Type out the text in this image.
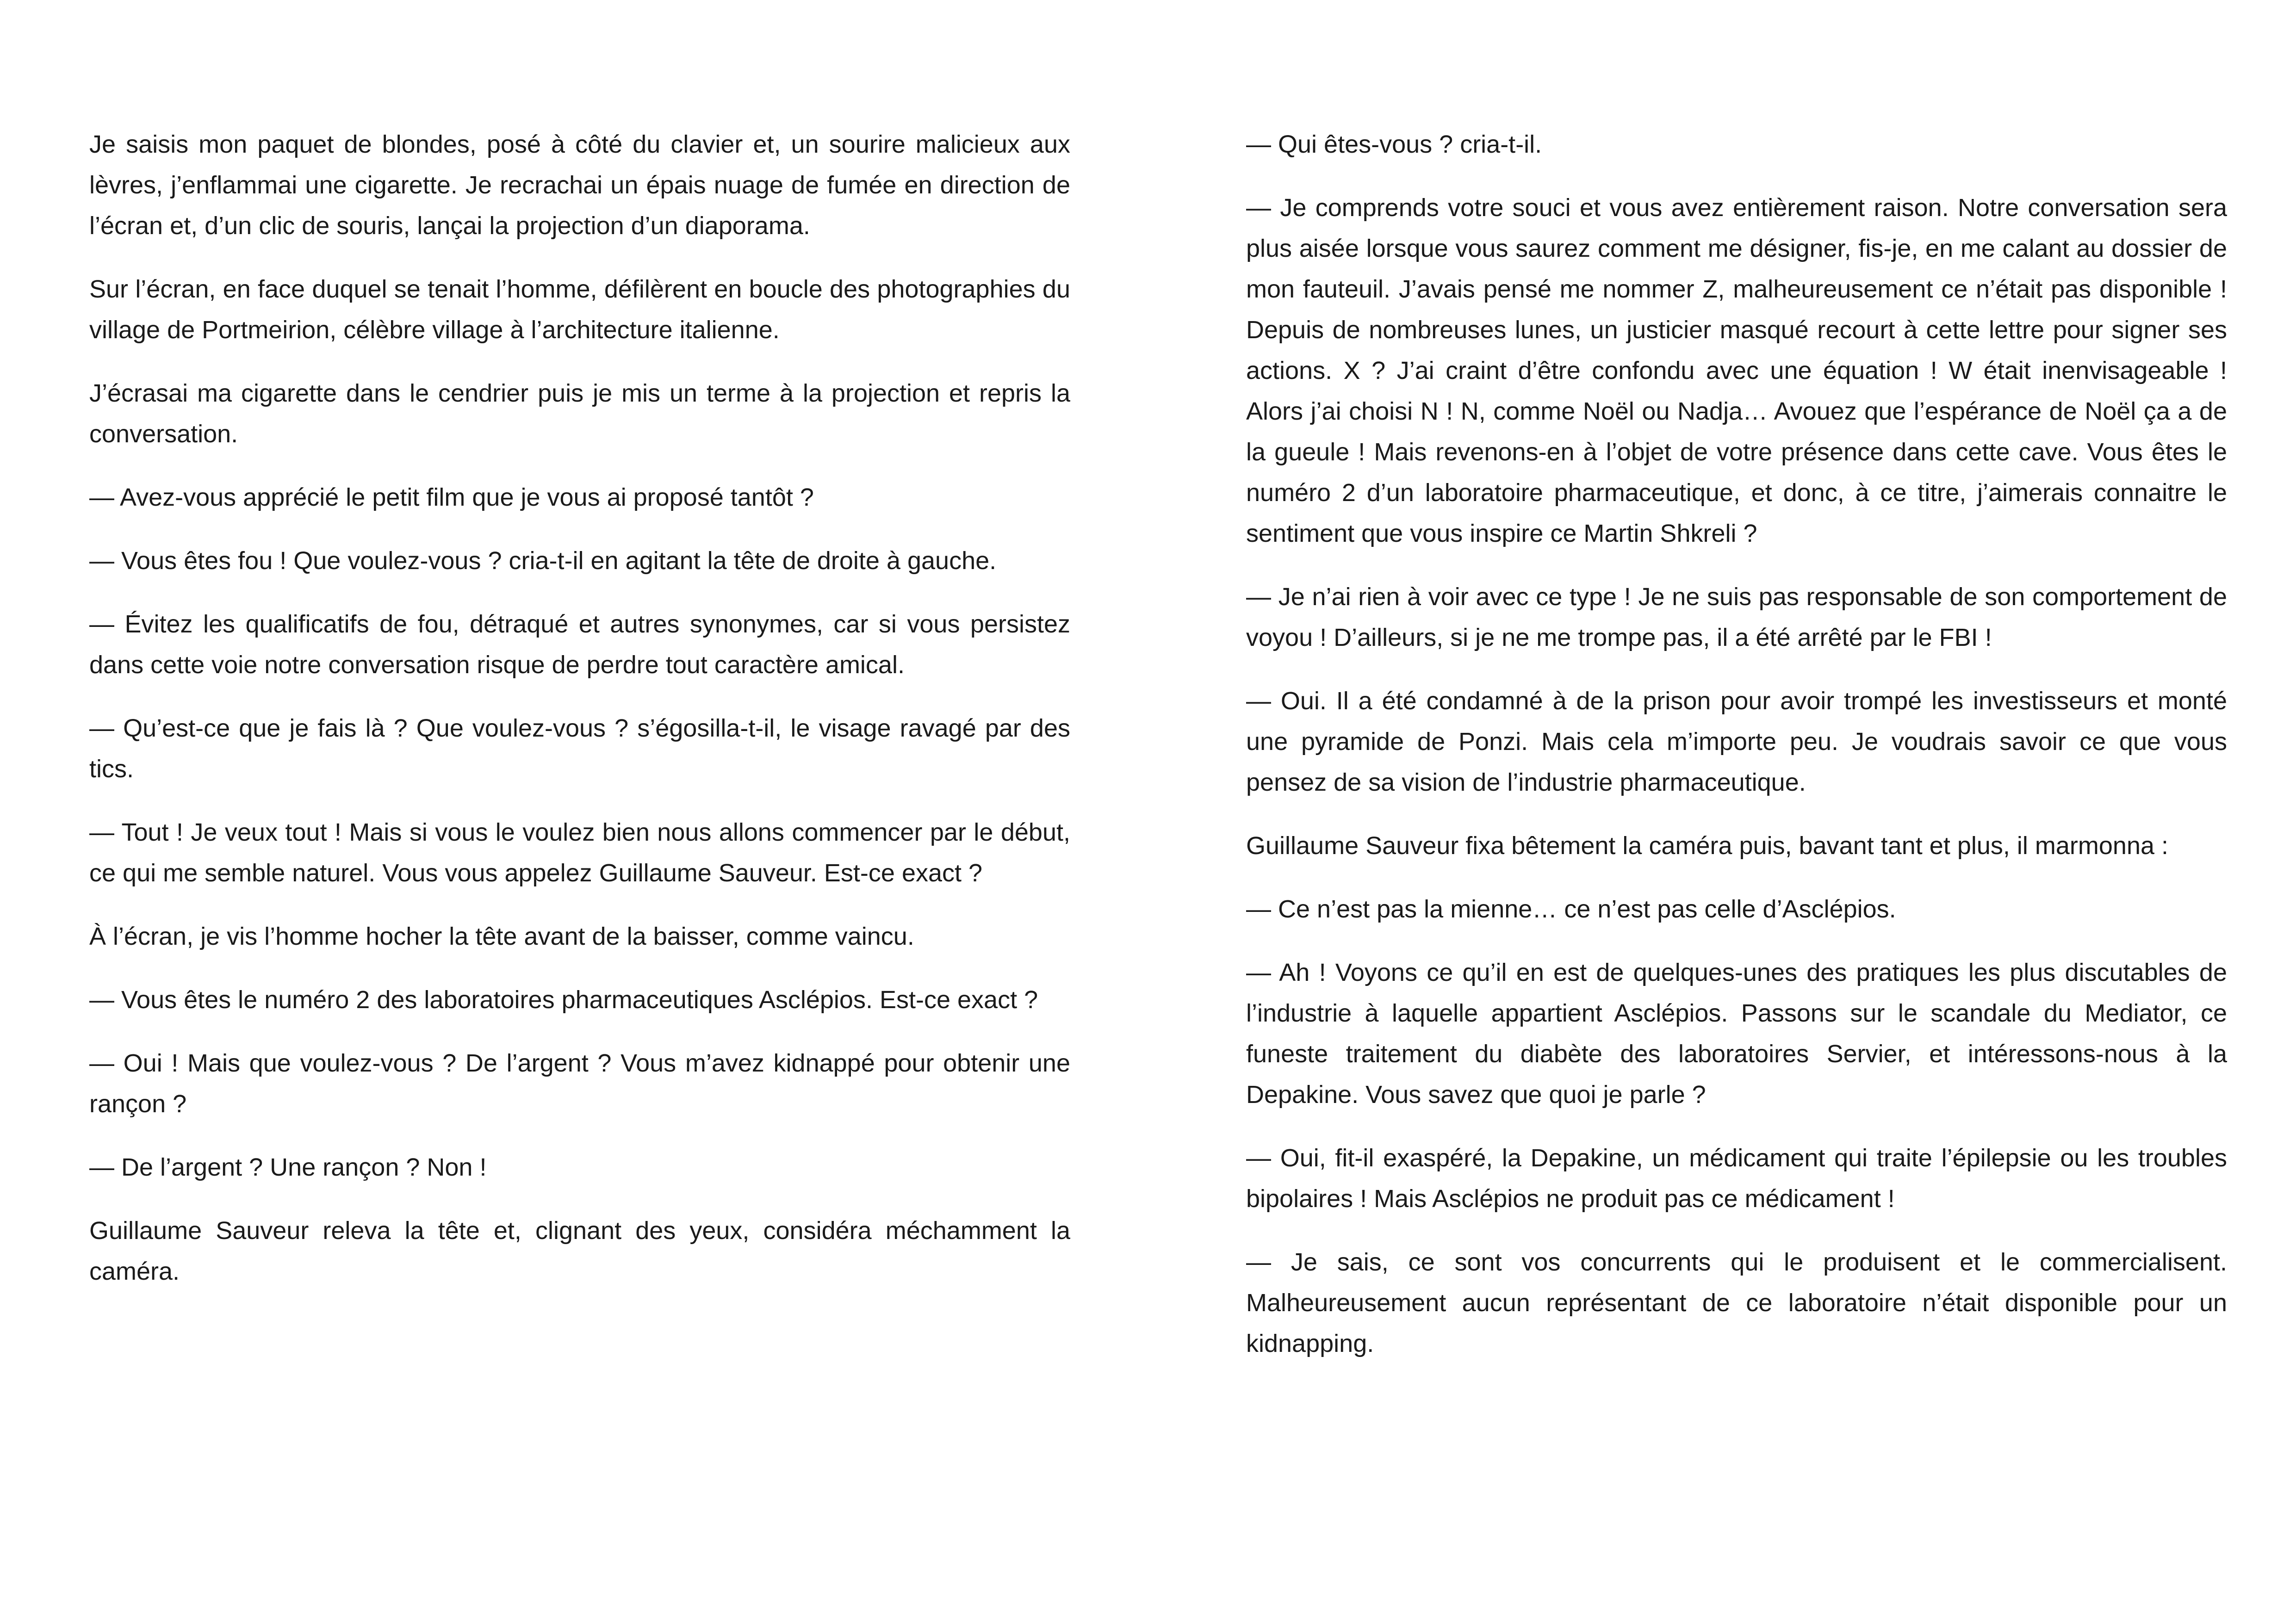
Je saisis mon paquet de blondes, posé à côté du clavier et, un sourire malicieux aux lèvres, j’enflammai une cigarette. Je recrachai un épais nuage de fumée en direction de l’écran et, d’un clic de souris, lançai la projection d’un diaporama.

Sur l’écran, en face duquel se tenait l’homme, défilèrent en boucle des photographies du village de Portmeirion, célèbre village à l’architecture italienne.

J’écrasai ma cigarette dans le cendrier puis je mis un terme à la projection et repris la conversation.

— Avez-vous apprécié le petit film que je vous ai proposé tantôt ?

— Vous êtes fou ! Que voulez-vous ? cria-t-il en agitant la tête de droite à gauche.

— Évitez les qualificatifs de fou, détraqué et autres synonymes, car si vous persistez dans cette voie notre conversation risque de perdre tout caractère amical.

— Qu’est-ce que je fais là ? Que voulez-vous ? s’égosilla-t-il, le visage ravagé par des tics.

— Tout ! Je veux tout ! Mais si vous le voulez bien nous allons commencer par le début, ce qui me semble naturel. Vous vous appelez Guillaume Sauveur. Est-ce exact ?

À l’écran, je vis l’homme hocher la tête avant de la baisser, comme vaincu.

— Vous êtes le numéro 2 des laboratoires pharmaceutiques Asclépios. Est-ce exact ?

— Oui ! Mais que voulez-vous ? De l’argent ? Vous m’avez kidnappé pour obtenir une rançon ?

— De l’argent ? Une rançon ? Non !

Guillaume Sauveur releva la tête et, clignant des yeux, considéra méchamment la caméra.

— Qui êtes-vous ? cria-t-il.

— Je comprends votre souci et vous avez entièrement raison. Notre conversation sera plus aisée lorsque vous saurez comment me désigner, fis-je, en me calant au dossier de mon fauteuil. J’avais pensé me nommer Z, malheureusement ce n’était pas disponible ! Depuis de nombreuses lunes, un justicier masqué recourt à cette lettre pour signer ses actions. X ? J’ai craint d’être confondu avec une équation ! W était inenvisageable ! Alors j’ai choisi N ! N, comme Noël ou Nadja… Avouez que l’espérance de Noël ça a de la gueule ! Mais revenons-en à l’objet de votre présence dans cette cave. Vous êtes le numéro 2 d’un laboratoire pharmaceutique, et donc, à ce titre, j’aimerais connaitre le sentiment que vous inspire ce Martin Shkreli ?

— Je n’ai rien à voir avec ce type ! Je ne suis pas responsable de son comportement de voyou ! D’ailleurs, si je ne me trompe pas, il a été arrêté par le FBI !

— Oui. Il a été condamné à de la prison pour avoir trompé les investisseurs et monté une pyramide de Ponzi. Mais cela m’importe peu. Je voudrais savoir ce que vous pensez de sa vision de l’industrie pharmaceutique.

Guillaume Sauveur fixa bêtement la caméra puis, bavant tant et plus, il marmonna :

— Ce n’est pas la mienne… ce n’est pas celle d’Asclépios.

— Ah ! Voyons ce qu’il en est de quelques-unes des pratiques les plus discutables de l’industrie à laquelle appartient Asclépios. Passons sur le scandale du Mediator, ce funeste traitement du diabète des laboratoires Servier, et intéressons-nous à la Depakine. Vous savez que quoi je parle ?

— Oui, fit-il exaspéré, la Depakine, un médicament qui traite l’épilepsie ou les troubles bipolaires ! Mais Asclépios ne produit pas ce médicament !

— Je sais, ce sont vos concurrents qui le produisent et le commercialisent. Malheureusement aucun représentant de ce laboratoire n’était disponible pour un kidnapping.
